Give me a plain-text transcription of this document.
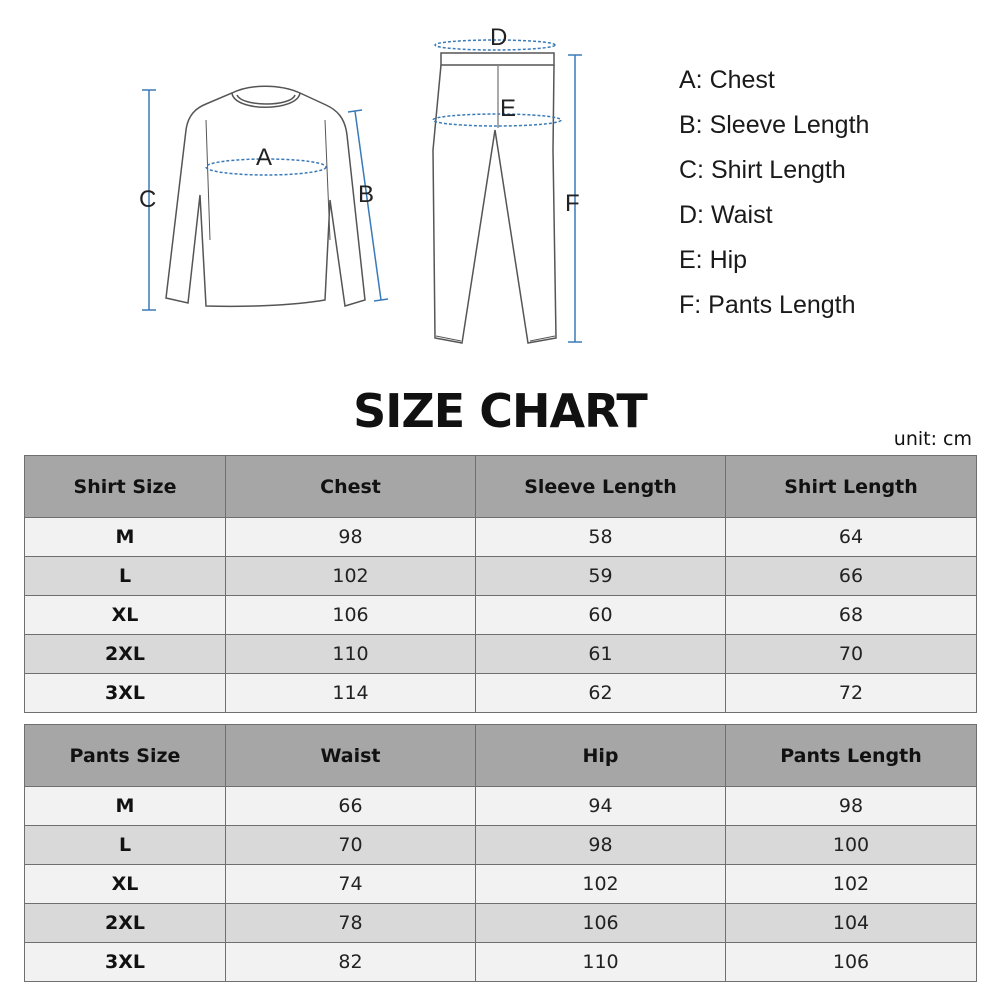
A
B
C
D
E
F
A: Chest
B: Sleeve Length
C: Shirt Length
D: Waist
E: Hip
F: Pants Length
SIZE CHART
unit: cm
Shirt Size	Chest	Sleeve Length	Shirt Length
M	98	58	64
L	102	59	66
XL	106	60	68
2XL	110	61	70
3XL	114	62	72
Pants Size	Waist	Hip	Pants Length
M	66	94	98
L	70	98	100
XL	74	102	102
2XL	78	106	104
3XL	82	110	106
